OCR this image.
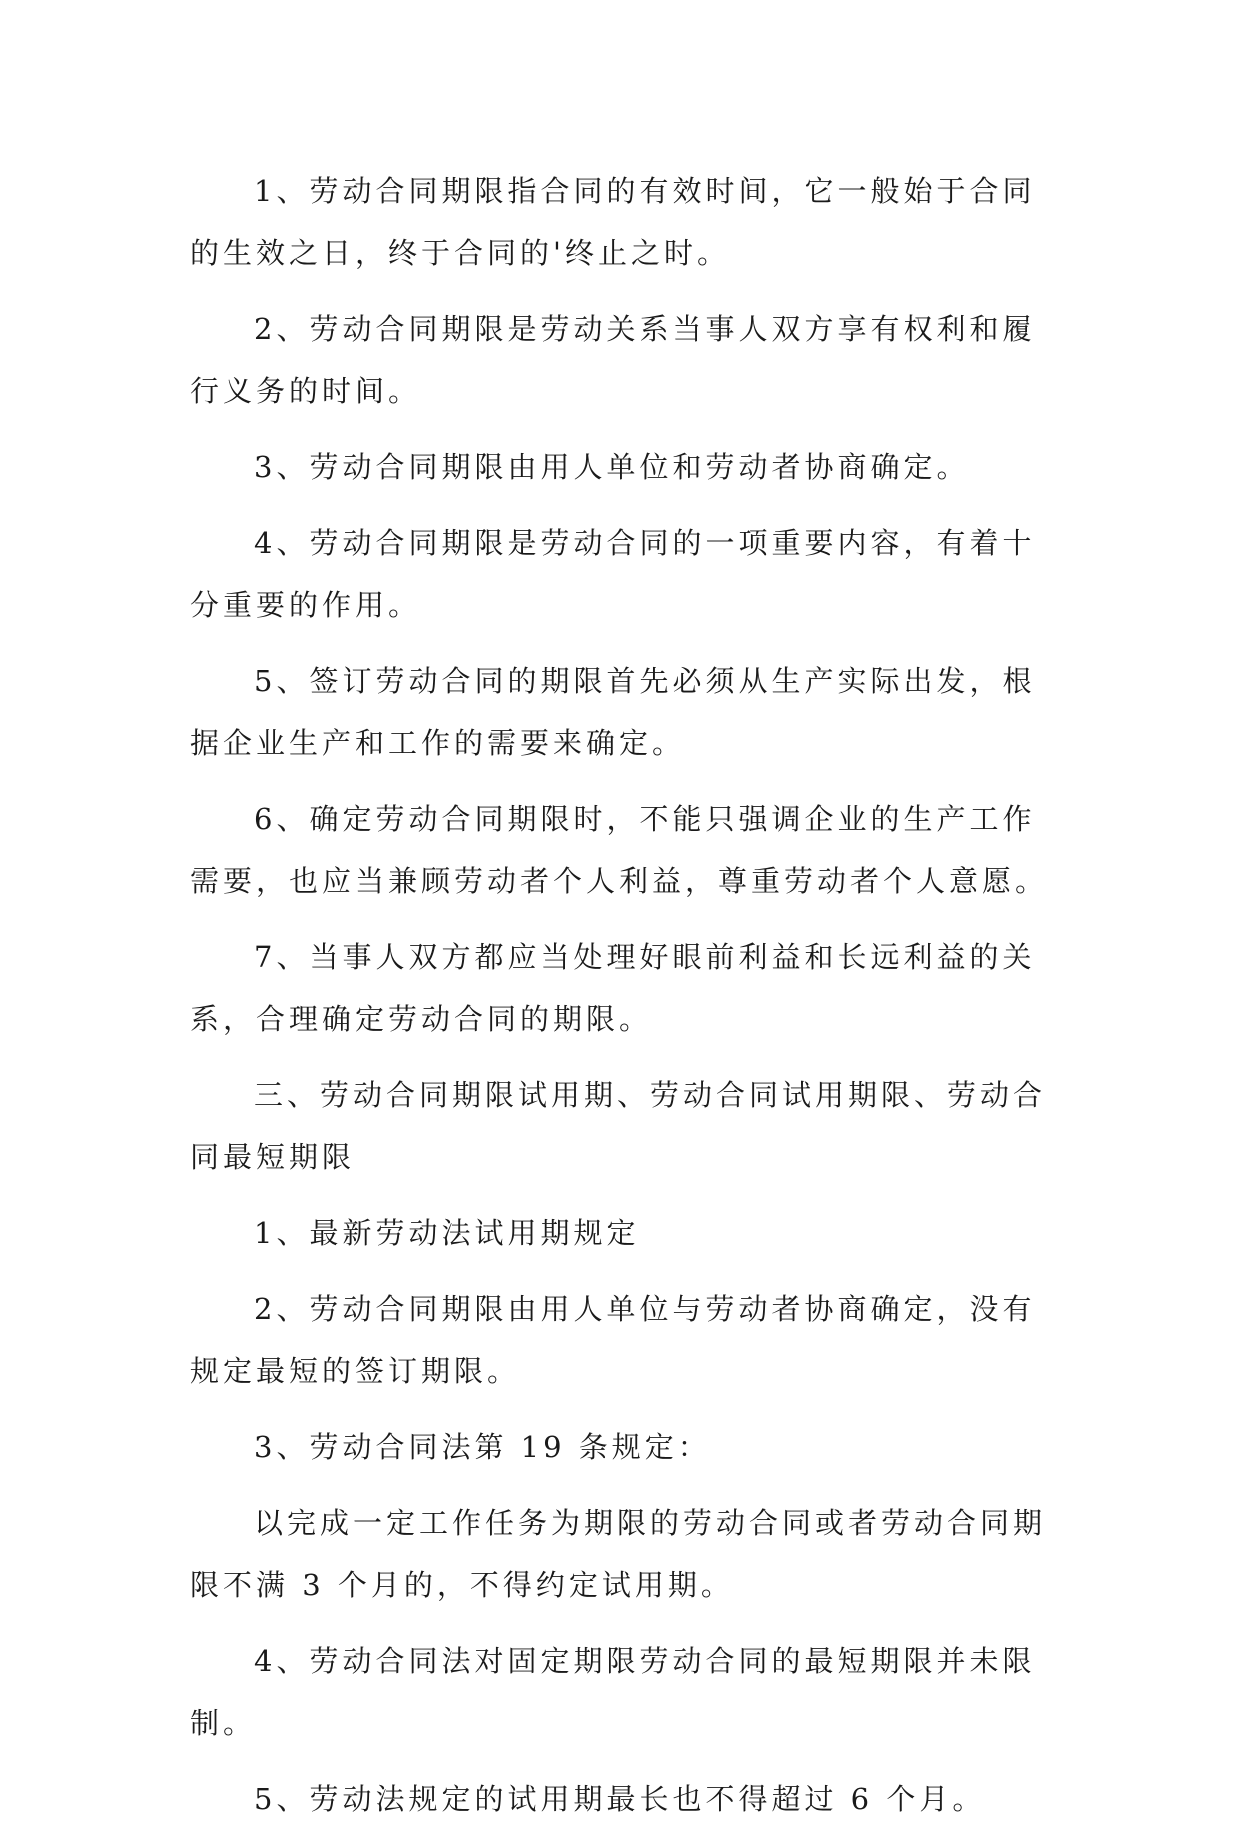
1、劳动合同期限指合同的有效时间，它一般始于合同的生效之日，终于合同的'终止之时。

2、劳动合同期限是劳动关系当事人双方享有权利和履行义务的时间。

3、劳动合同期限由用人单位和劳动者协商确定。

4、劳动合同期限是劳动合同的一项重要内容，有着十分重要的作用。

5、签订劳动合同的期限首先必须从生产实际出发，根据企业生产和工作的需要来确定。

6、确定劳动合同期限时，不能只强调企业的生产工作需要，也应当兼顾劳动者个人利益，尊重劳动者个人意愿。

7、当事人双方都应当处理好眼前利益和长远利益的关系，合理确定劳动合同的期限。

三、劳动合同期限试用期、劳动合同试用期限、劳动合同最短期限

1、最新劳动法试用期规定

2、劳动合同期限由用人单位与劳动者协商确定，没有规定最短的签订期限。

3、劳动合同法第 19 条规定：

以完成一定工作任务为期限的劳动合同或者劳动合同期限不满 3 个月的，不得约定试用期。

4、劳动合同法对固定期限劳动合同的最短期限并未限制。

5、劳动法规定的试用期最长也不得超过 6 个月。
